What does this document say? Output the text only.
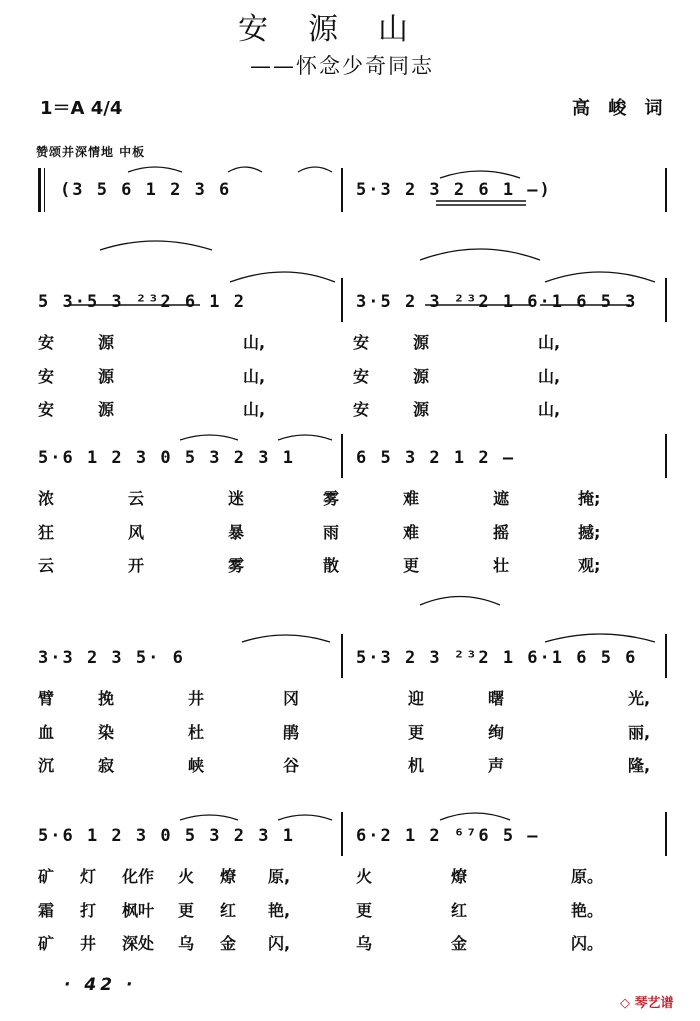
安源山
——怀念少奇同志
1＝A 4/4	高 峻 词
赞颂并深情地 中板
(3 5 6 1 2 3 6	5·3 2 3 2 6 1 —)
5 3·5 3 ²³2 6 1 2	3·5 2 3 ²³2 1 6·1 6 5 3
安	源	山,	安	源	山,
安	源	山,	安	源	山,
安	源	山,	安	源	山,
5·6 1 2 3 0 5 3 2 3 1	6 5 3 2 1 2 —
浓	云	迷	雾	难	遮	掩;
狂	风	暴	雨	难	摇	撼;
云	开	雾	散	更	壮	观;
3·3 2 3 5· 6	5·3 2 3 ²³2 1 6·1 6 5 6
臂	挽	井	冈	迎	曙	光,
血	染	杜	鹃	更	绚	丽,
沉	寂	峡	谷	机	声	隆,
5·6 1 2 3 0 5 3 2 3 1	6·2 1 2 ⁶⁷6 5 —
矿 灯 化作 火 燎 原,	火	燎	原。
霜 打 枫叶 更 红 艳,	更	红	艳。
矿 井 深处 乌 金 闪,	乌	金	闪。
· 42 ·
◇ 琴艺谱
